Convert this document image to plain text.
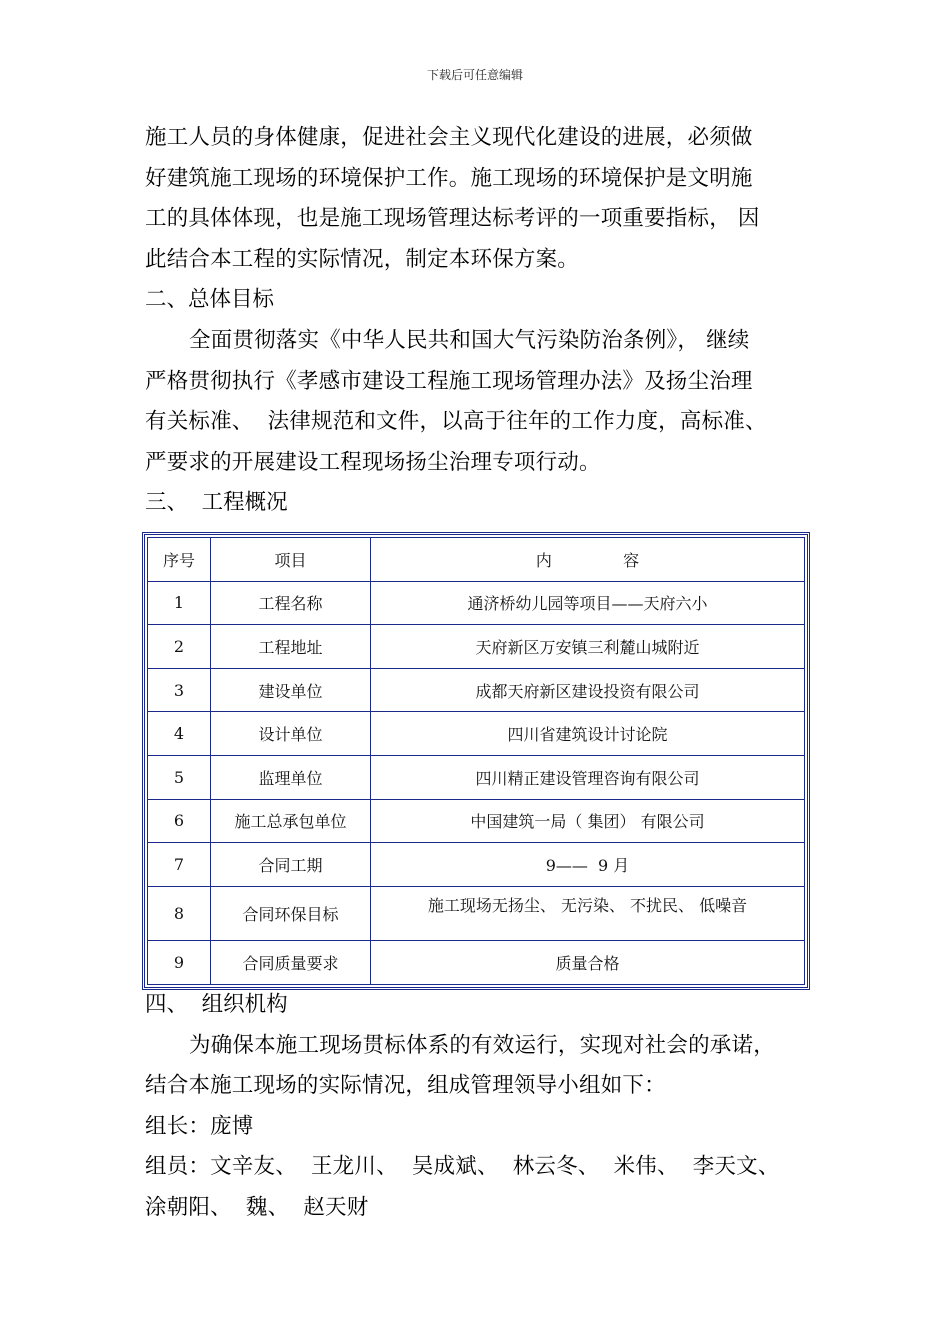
下载后可任意编辑
施工人员的身体健康，促进社会主义现代化建设的进展，必须做
好建筑施工现场的环境保护工作。施工现场的环境保护是文明施
工的具体体现，也是施工现场管理达标考评的一项重要指标， 因
此结合本工程的实际情况，制定本环保方案。
二、总体目标
全面贯彻落实《中华人民共和国大气污染防治条例》， 继续
严格贯彻执行《孝感市建设工程施工现场管理办法》及扬尘治理
有关标准、  法律规范和文件，以高于往年的工作力度，高标准、
严要求的开展建设工程现场扬尘治理专项行动。
三、  工程概况
序号	项目	内              容
1	工程名称	通济桥幼儿园等项目——天府六小
2	工程地址	天府新区万安镇三利麓山城附近
3	建设单位	成都天府新区建设投资有限公司
4	设计单位	四川省建筑设计讨论院
5	监理单位	四川精正建设管理咨询有限公司
6	施工总承包单位	中国建筑一局（ 集团） 有限公司
7	合同工期	9——  9 月
8	合同环保目标	施工现场无扬尘、 无污染、 不扰民、 低噪音
9	合同质量要求	质量合格
四、  组织机构
为确保本施工现场贯标体系的有效运行，实现对社会的承诺，
结合本施工现场的实际情况，组成管理领导小组如下：
组长：庞博
组员：文辛友、  王龙川、  吴成斌、  林云冬、  米伟、  李天文、
涂朝阳、  魏、  赵天财
